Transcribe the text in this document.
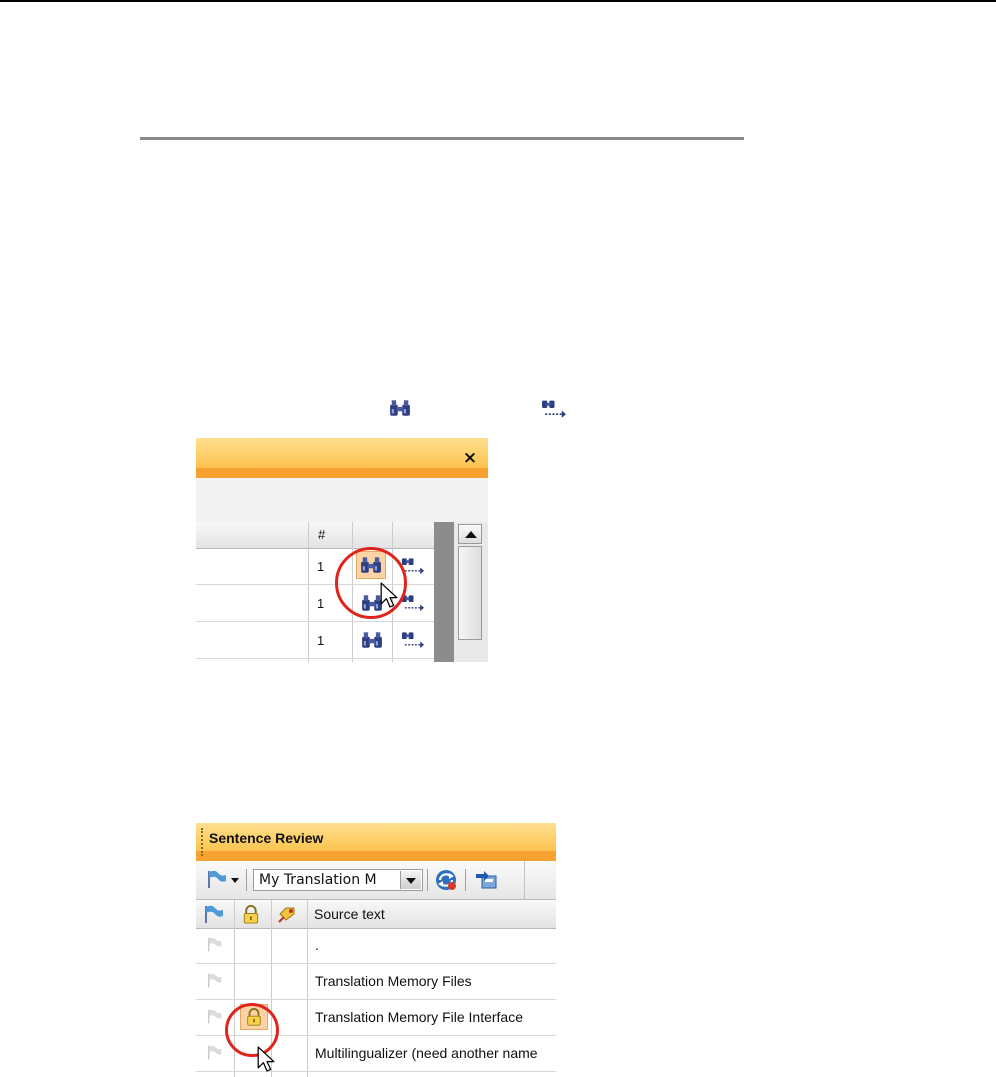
×
#
1
1
1
Sentence Review
My Translation M
Source text
.
Translation Memory Files
Translation Memory File Interface
Multilingualizer (need another name
